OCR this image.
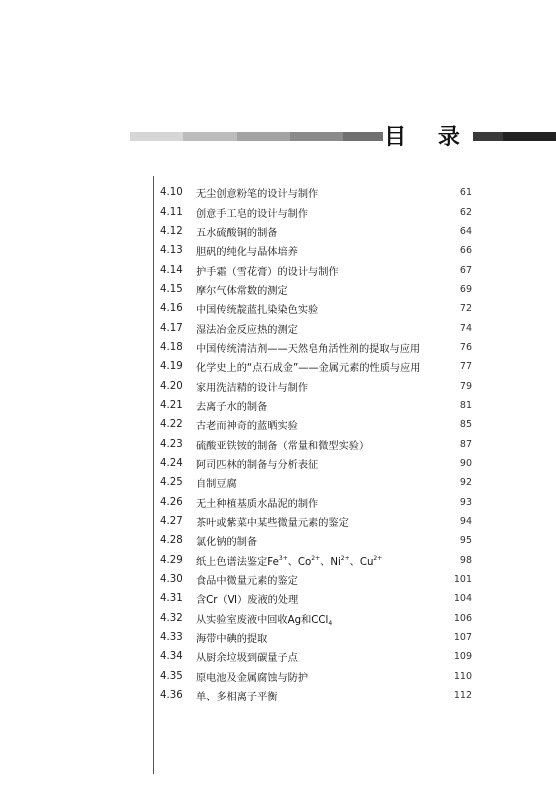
目 录
4.10	无尘创意粉笔的设计与制作	61
4.11	创意手工皂的设计与制作	62
4.12	五水硫酸铜的制备	64
4.13	胆矾的纯化与晶体培养	66
4.14	护手霜（雪花膏）的设计与制作	67
4.15	摩尔气体常数的测定	69
4.16	中国传统靛蓝扎染染色实验	72
4.17	湿法冶金反应热的测定	74
4.18	中国传统清洁剂——天然皂角活性剂的提取与应用	76
4.19	化学史上的“点石成金”——金属元素的性质与应用	77
4.20	家用洗洁精的设计与制作	79
4.21	去离子水的制备	81
4.22	古老而神奇的蓝晒实验	85
4.23	硫酸亚铁铵的制备（常量和微型实验）	87
4.24	阿司匹林的制备与分析表征	90
4.25	自制豆腐	92
4.26	无土种植基质水晶泥的制作	93
4.27	茶叶或紫菜中某些微量元素的鉴定	94
4.28	氯化钠的制备	95
4.29	纸上色谱法鉴定$Fe^{3+}$、$Co^{2+}$、$Ni^{2+}$、$Cu^{2+}$	98
4.30	食品中微量元素的鉴定	101
4.31	含Cr（Ⅵ）废液的处理	104
4.32	从实验室废液中回收Ag和CCl$_4$	106
4.33	海带中碘的提取	107
4.34	从厨余垃圾到碳量子点	109
4.35	原电池及金属腐蚀与防护	110
4.36	单、多相离子平衡	112
